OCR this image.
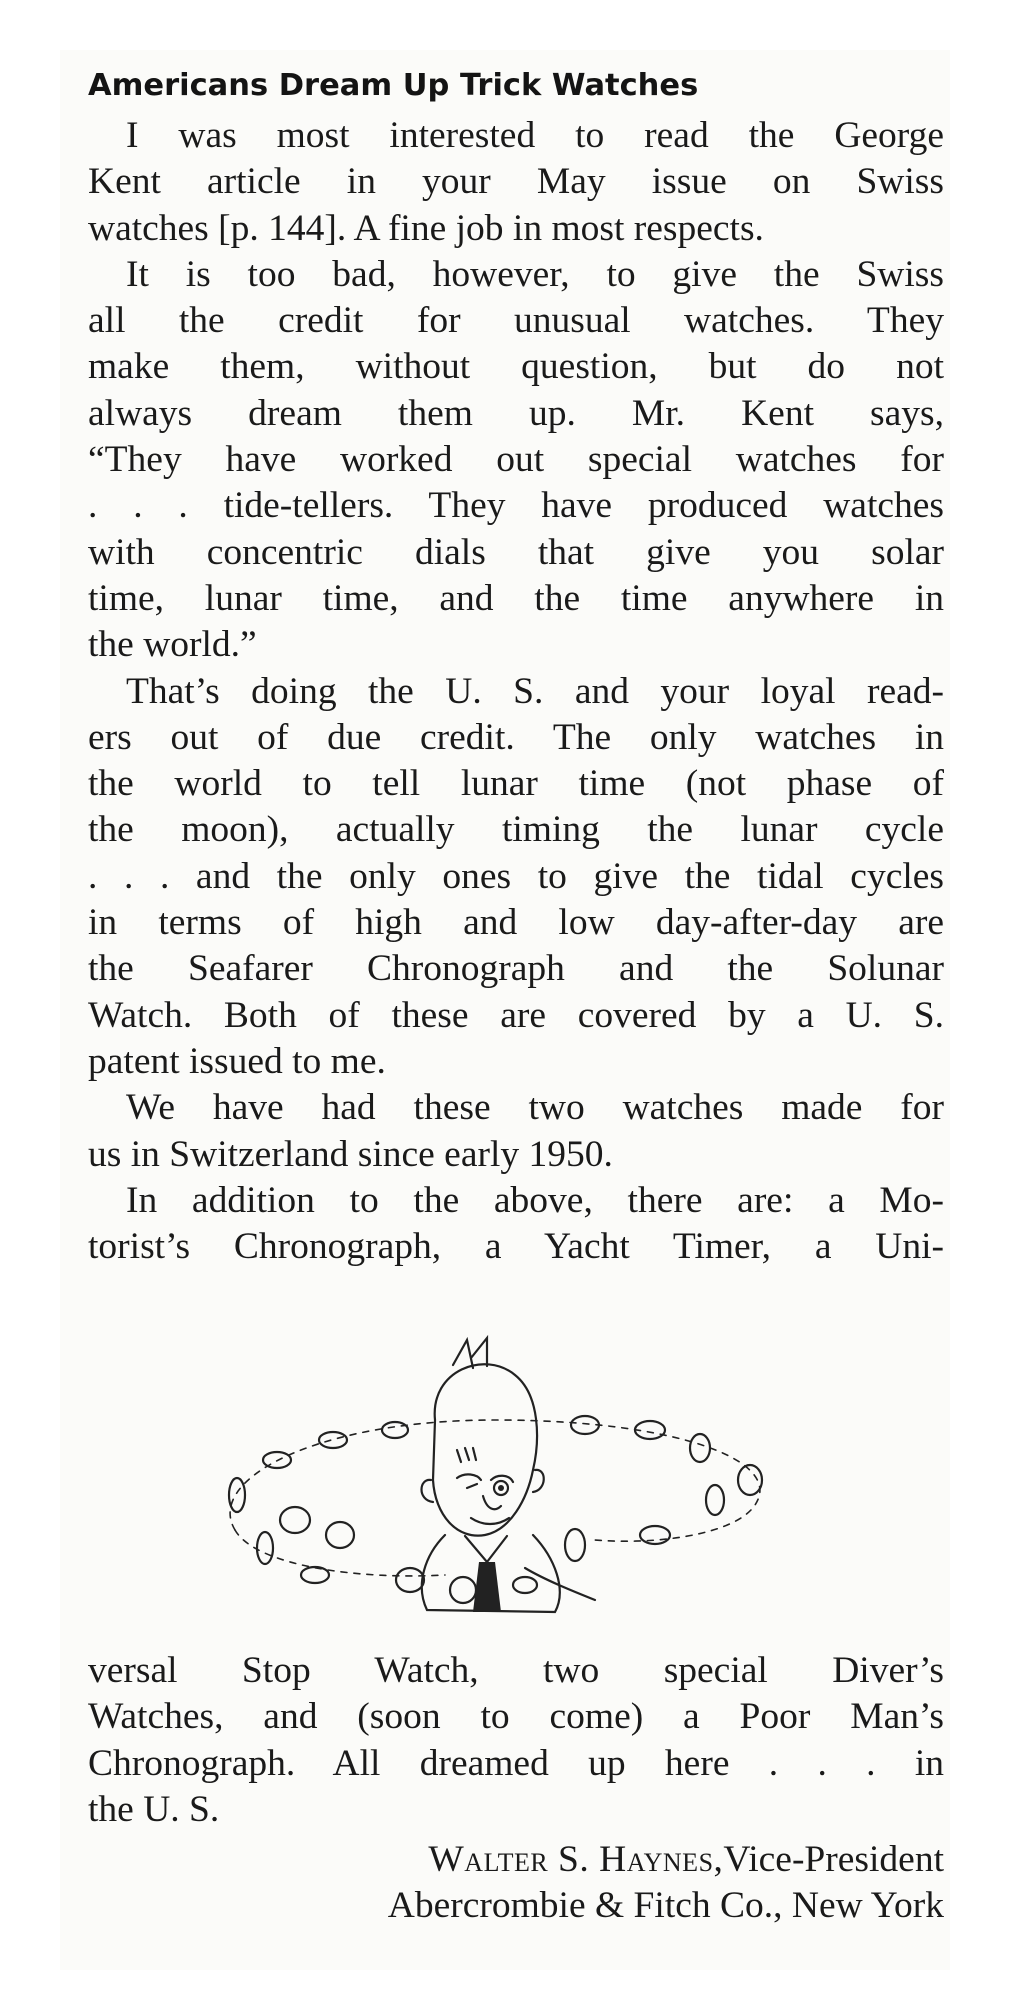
Americans Dream Up Trick Watches
I was most interested to read the George
Kent article in your May issue on Swiss
watches [p. 144]. A fine job in most respects.
It is too bad, however, to give the Swiss
all the credit for unusual watches. They
make them, without question, but do not
always dream them up. Mr. Kent says,
“They have worked out special watches for
. . . tide-tellers. They have produced watches
with concentric dials that give you solar
time, lunar time, and the time anywhere in
the world.”
That’s doing the U. S. and your loyal read-
ers out of due credit. The only watches in
the world to tell lunar time (not phase of
the moon), actually timing the lunar cycle
. . . and the only ones to give the tidal cycles
in terms of high and low day-after-day are
the Seafarer Chronograph and the Solunar
Watch. Both of these are covered by a U. S.
patent issued to me.
We have had these two watches made for
us in Switzerland since early 1950.
In addition to the above, there are: a Mo-
torist’s Chronograph, a Yacht Timer, a Uni-
versal Stop Watch, two special Diver’s
Watches, and (soon to come) a Poor Man’s
Chronograph. All dreamed up here . . . in
the U. S.
Walter S. Haynes,Vice-President
Abercrombie & Fitch Co., New York
